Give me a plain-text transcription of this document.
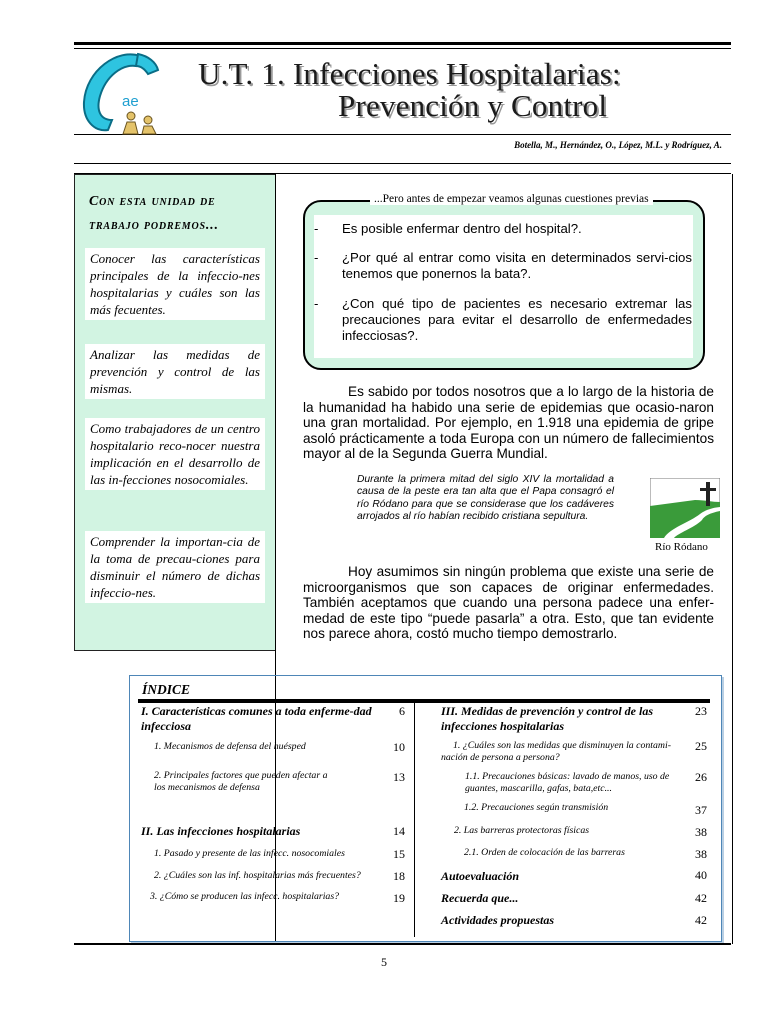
ae
U.T. 1. Infecciones Hospitalarias:
Prevención y Control
Botella, M., Hernández, O., López, M.L. y Rodríguez, A.
Con esta unidad de trabajo podremos...
Conocer las características principales de la infeccio-nes hospitalarias y cuáles son las más fecuentes.
Analizar las medidas de prevención y control de las mismas.
Como trabajadores de un centro hospitalario reco-nocer nuestra implicación en el desarrollo de las in-fecciones nosocomiales.
Comprender la importan-cia de la toma de precau-ciones para disminuir el número de dichas infeccio-nes.
...Pero antes de empezar veamos algunas cuestiones previas
- Es posible enfermar dentro del hospital?.
- ¿Por qué al entrar como visita en determinados servi-cios tenemos que ponernos la bata?.
- ¿Con qué tipo de pacientes es necesario extremar las precauciones para evitar el desarrollo de enfermedades infecciosas?.
Es sabido por todos nosotros que a lo largo de la historia de la humanidad ha habido una serie de epidemias que ocasio-naron una gran mortalidad. Por ejemplo, en 1.918 una epidemia de gripe asoló prácticamente a toda Europa con un número de fallecimientos mayor al de la Segunda Guerra Mundial.
Durante la primera mitad del siglo XIV la mortalidad a causa de la peste era tan alta que el Papa consagró el río Ródano para que se considerase que los cadáveres arrojados al río habían recibido cristiana sepultura.
Río Ródano
Hoy asumimos sin ningún problema que existe una serie de microorganismos que son capaces de originar enfermedades. También aceptamos que cuando una persona padece una enfer-medad de este tipo “puede pasarla” a otra. Esto, que tan evidente nos parece ahora, costó mucho tiempo demostrarlo.
ÍNDICE
I. Características comunes a toda enferme-dad infecciosa
6
1. Mecanismos de defensa del huésped	10
2. Principales factores que pueden afectar a los mecanismos de defensa
13
II. Las infecciones hospitalarias	14
1. Pasado y presente de las infecc. nosocomiales	15
2. ¿Cuáles son las inf. hospitalarias más frecuentes?	18
3. ¿Cómo se producen las infecc. hospitalarias?	19
III. Medidas de prevención y control de las infecciones hospitalarias
23
1. ¿Cuáles son las medidas que disminuyen la contami-nación de persona a persona?
25
1.1. Precauciones básicas: lavado de manos, uso de guantes, mascarilla, gafas, bata,etc...
26
1.2. Precauciones según transmisión	37
2. Las barreras protectoras físicas	38
2.1. Orden de colocación de las barreras	38
Autoevaluación	40
Recuerda que...	42
Actividades propuestas	42
5
